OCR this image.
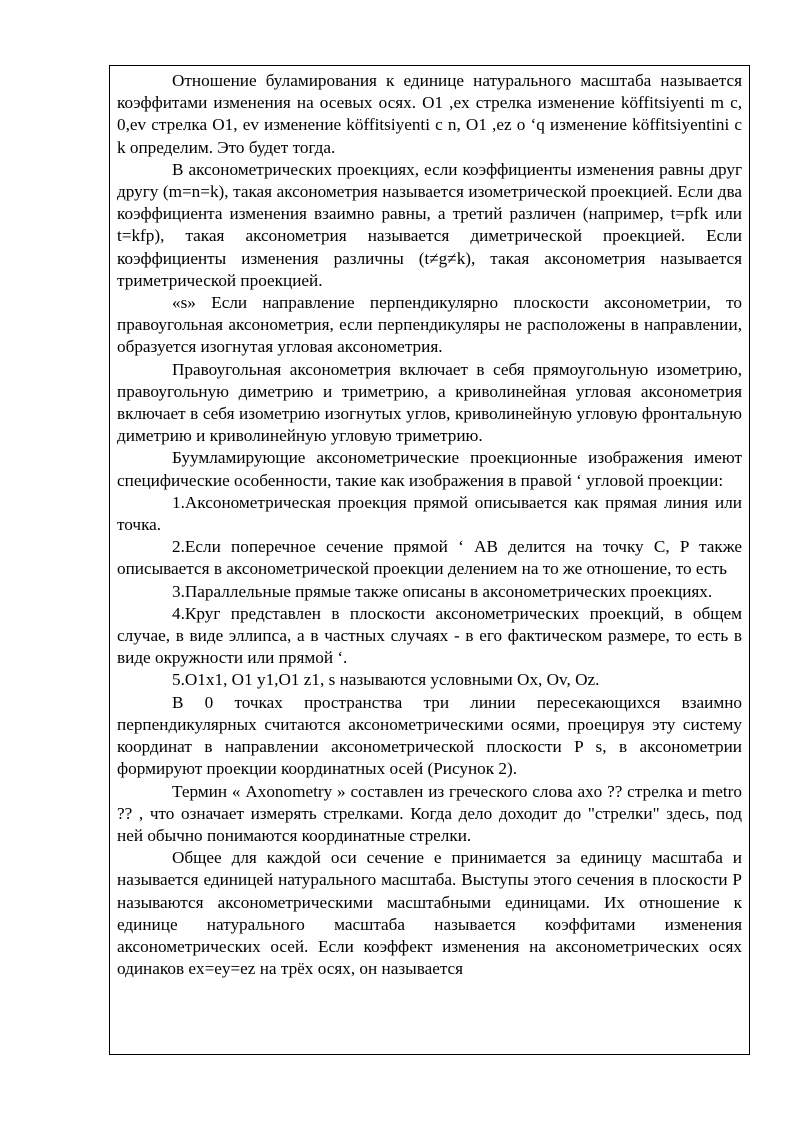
Отношение буламирования к единице натурального масштаба называется коэффитами изменения на осевых осях. O1 ,ex стрелка изменение köffitsiyenti m c, 0,ev стрелка O1, ev изменение köffitsiyenti c n, O1 ,ez o ‘q изменение köffitsiyentini c k определим. Это будет тогда.

В аксонометрических проекциях, если коэффициенты изменения равны друг другу (m=n=k), такая аксонометрия называется изометрической проекцией. Если два коэффициента изменения взаимно равны, а третий различен (например, t=pfk или t=kfp), такая аксонометрия называется диметрической проекцией. Если коэффициенты изменения различны (t≠g≠k), такая аксонометрия называется триметрической проекцией.

«s» Если направление перпендикулярно плоскости аксонометрии, то правоугольная аксонометрия, если перпендикуляры не расположены в направлении, образуется изогнутая угловая аксонометрия.

Правоугольная аксонометрия включает в себя прямоугольную изометрию, правоугольную диметрию и триметрию, а криволинейная угловая аксонометрия включает в себя изометрию изогнутых углов, криволинейную угловую фронтальную диметрию и криволинейную угловую триметрию.

Буумламирующие аксонометрические проекционные изображения имеют специфические особенности, такие как изображения в правой ‘ угловой проекции:

1.Аксонометрическая проекция прямой описывается как прямая линия или точка.

2.Если поперечное сечение прямой ‘ AB делится на точку C, P также описывается в аксонометрической проекции делением на то же отношение, то есть

3.Параллельные прямые также описаны в аксонометрических проекциях.

4.Круг представлен в плоскости аксонометрических проекций, в общем случае, в виде эллипса, а в частных случаях - в его фактическом размере, то есть в виде окружности или прямой ‘.

5.O1x1, O1 y1,O1 z1, s называются условными Ox, Ov, Oz.

В 0 точках пространства три линии пересекающихся взаимно перпендикулярных считаются аксонометрическими осями, проецируя эту систему координат в направлении аксонометрической плоскости P s, в аксонометрии формируют проекции координатных осей (Рисунок 2).

Термин « Axonometry » составлен из греческого слова axo ?? стрелка и metro ?? , что означает измерять стрелками. Когда дело доходит до "стрелки" здесь, под ней обычно понимаются координатные стрелки.

Общее для каждой оси сечение e принимается за единицу масштаба и называется единицей натурального масштаба. Выступы этого сечения в плоскости P называются аксонометрическими масштабными единицами. Их отношение к единице натурального масштаба называется коэффитами изменения аксонометрических осей. Если коэффект изменения на аксонометрических осях одинаков ex=ey=ez на трёх осях, он называется
